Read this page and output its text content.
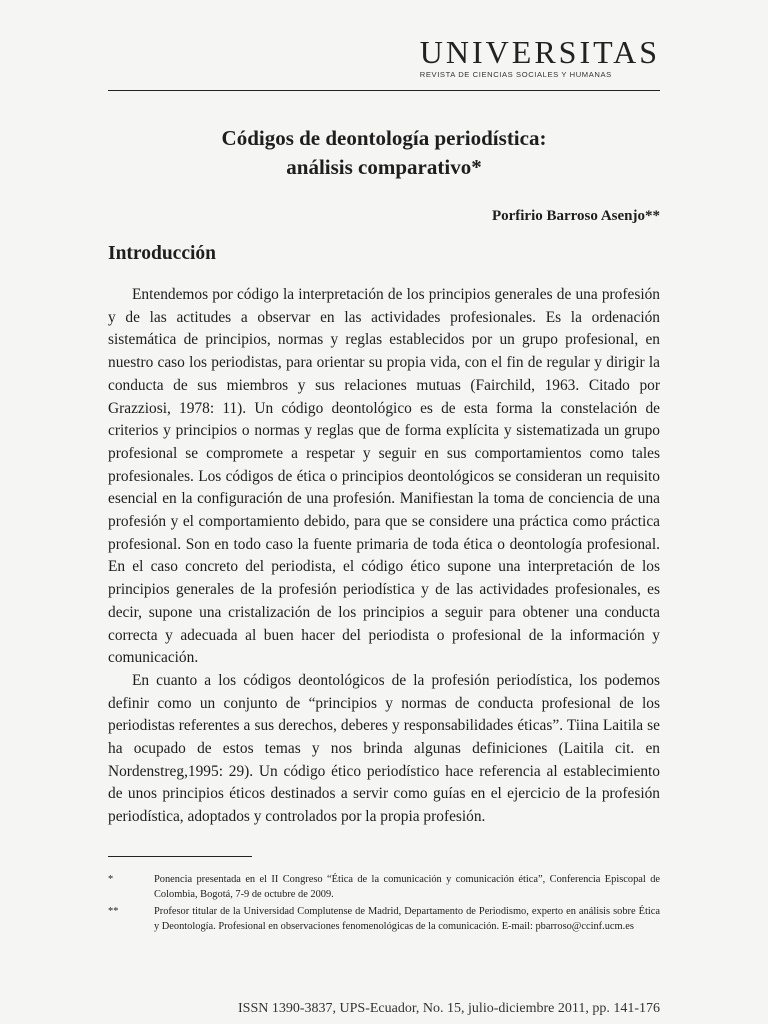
UNIVERSITAS
REVISTA DE CIENCIAS SOCIALES Y HUMANAS
Códigos de deontología periodística:
análisis comparativo*
Porfirio Barroso Asenjo**
Introducción

Entendemos por código la interpretación de los principios generales de una profesión y de las actitudes a observar en las actividades profesionales. Es la ordenación sistemática de principios, normas y reglas establecidos por un grupo profesional, en nuestro caso los periodistas, para orientar su propia vida, con el fin de regular y dirigir la conducta de sus miembros y sus relaciones mutuas (Fairchild, 1963. Citado por Grazziosi, 1978: 11). Un código deontológico es de esta forma la constelación de criterios y principios o normas y reglas que de forma explícita y sistematizada un grupo profesional se compromete a respetar y seguir en sus comportamientos como tales profesionales. Los códigos de ética o principios deontológicos se consideran un requisito esencial en la configuración de una profesión. Manifiestan la toma de conciencia de una profesión y el comportamiento debido, para que se considere una práctica como práctica profesional. Son en todo caso la fuente primaria de toda ética o deontología profesional. En el caso concreto del periodista, el código ético supone una interpretación de los principios generales de la profesión periodística y de las actividades profesionales, es decir, supone una cristalización de los principios a seguir para obtener una conducta correcta y adecuada al buen hacer del periodista o profesional de la información y comunicación.

En cuanto a los códigos deontológicos de la profesión periodística, los podemos definir como un conjunto de “principios y normas de conducta profesional de los periodistas referentes a sus derechos, deberes y responsabilidades éticas”. Tiina Laitila se ha ocupado de estos temas y nos brinda algunas definiciones (Laitila cit. en Nordenstreg,1995: 29). Un código ético periodístico hace referencia al establecimiento de unos principios éticos destinados a servir como guías en el ejercicio de la profesión periodística, adoptados y controlados por la propia profesión.

*	Ponencia presentada en el II Congreso “Ética de la comunicación y comunicación ética”, Conferencia Episcopal de Colombia, Bogotá, 7-9 de octubre de 2009.
**	Profesor titular de la Universidad Complutense de Madrid, Departamento de Periodismo, experto en análisis sobre Ética y Deontología. Profesional en observaciones fenomenológicas de la comunicación. E-mail: pbarroso@ccinf.ucm.es
ISSN 1390-3837, UPS-Ecuador, No. 15, julio-diciembre 2011, pp. 141-176
